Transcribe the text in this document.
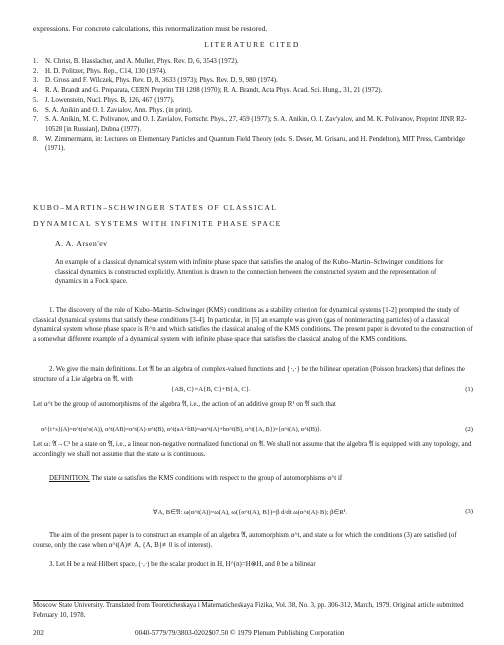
expressions. For concrete calculations, this renormalization must be restored.
LITERATURE CITED
1. N. Christ, B. Hasslacher, and A. Muller, Phys. Rev. D, 6, 3543 (1972).
2. H. D. Politzer, Phys. Rep., C14, 130 (1974).
3. D. Gross and F. Wilczek, Phys. Rev. D, 8, 3633 (1973); Phys. Rev. D, 9, 980 (1974).
4. R. A. Brandt and G. Preparata, CERN Preprint TH 1208 (1970); R. A. Brandt, Acta Phys. Acad. Sci. Hung., 31, 21 (1972).
5. J. Lowenstein, Nucl. Phys. B, 126, 467 (1977).
6. S. A. Anikin and O. I. Zavialov, Ann. Phys. (in print).
7. S. A. Anikin, M. C. Polivanov, and O. I. Zavialov, Fortschr. Phys., 27, 459 (1977); S. A. Anikin, O. I. Zav'yalov, and M. K. Polivanov, Preprint JINR R2-10528 [in Russian], Dubna (1977).
8. W. Zimmermann, in: Lectures on Elementary Particles and Quantum Field Theory (eds. S. Deser, M. Grisaru, and H. Pendelton), MIT Press, Cambridge (1971).
KUBO–MARTIN–SCHWINGER STATES OF CLASSICAL
DYNAMICAL SYSTEMS WITH INFINITE PHASE SPACE
A. A. Arsen'ev
An example of a classical dynamical system with infinite phase space that satisfies the analog of the Kubo–Martin–Schwinger conditions for classical dynamics is constructed explicitly. Attention is drawn to the connection between the constructed system and the representation of dynamics in a Fock space.
1. The discovery of the role of Kubo–Martin–Schwinger (KMS) conditions as a stability criterion for dynamical systems [1-2] prompted the study of classical dynamical systems that satisfy these conditions [3-4]. In particular, in [5] an example was given (gas of noninteracting particles) of a classical dynamical system whose phase space is R^n and which satisfies the classical analog of the KMS conditions. The present paper is devoted to the construction of a somewhat different example of a dynamical system with infinite phase space that satisfies the classical analog of the KMS conditions.
2. We give the main definitions. Let 𝔄 be an algebra of complex-valued functions and {·,·} be the bilinear operation (Poisson brackets) that defines the structure of a Lie algebra on 𝔄, with
{AB, C}=A{B, C}+B{A, C}.	(1)
Let α^t be the group of automorphisms of the algebra 𝔄, i.e., the action of an additive group R¹ on 𝔄 such that
α^{t+s}(A)=α^t(α^s(A)), α^t(AB)=α^t(A)·α^t(B), α^t(aA+bB)=aα^t(A)+bα^t(B), α^t({A, B})={α^t(A), α^t(B)}.	(2)
Let ω: 𝔄→C¹ be a state on 𝔄, i.e., a linear non-negative normalized functional on 𝔄. We shall not assume that the algebra 𝔄 is equipped with any topology, and accordingly we shall not assume that the state ω is continuous.
DEFINITION. The state ω satisfies the KMS conditions with respect to the group of automorphisms α^t if
∀A, B∈𝔄: ω(α^t(A))=ω(A), ω({α^t(A), B})=β d/dt ω(α^t(A)·B); β∈R¹.	(3)
The aim of the present paper is to construct an example of an algebra 𝔄, automorphism α^t, and state ω for which the conditions (3) are satisfied (of course, only the case when α^t(A)≢A, {A, B}≢0 is of interest).
3. Let H be a real Hilbert space, (·,·) be the scalar product in H, H^(n)=H⊗H, and θ be a bilinear
Moscow State University. Translated from Teoreticheskaya i Matematicheskaya Fizika, Vol. 38, No. 3, pp. 306-312, March, 1979. Original article submitted February 10, 1978.
202	0040-5779/79/3803-0202$07.50 © 1979 Plenum Publishing Corporation
